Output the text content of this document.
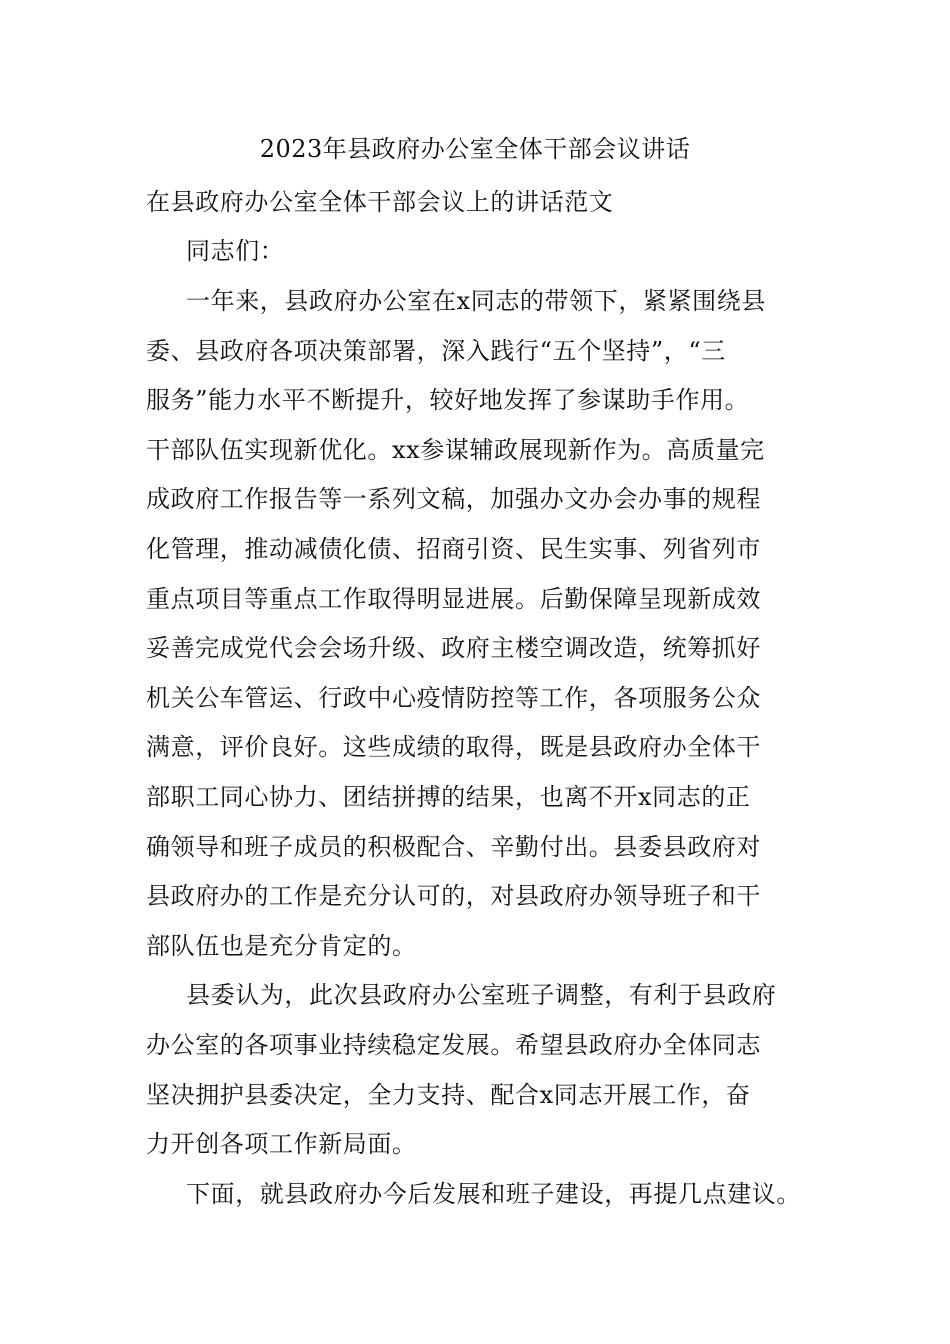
2023年县政府办公室全体干部会议讲话
在县政府办公室全体干部会议上的讲话范文
同志们：
一年来，县政府办公室在x同志的带领下，紧紧围绕县
委、县政府各项决策部署，深入践行“五个坚持”，“三
服务”能力水平不断提升，较好地发挥了参谋助手作用。
干部队伍实现新优化。xx参谋辅政展现新作为。高质量完
成政府工作报告等一系列文稿，加强办文办会办事的规程
化管理，推动减债化债、招商引资、民生实事、列省列市
重点项目等重点工作取得明显进展。后勤保障呈现新成效
妥善完成党代会会场升级、政府主楼空调改造，统筹抓好
机关公车管运、行政中心疫情防控等工作，各项服务公众
满意，评价良好。这些成绩的取得，既是县政府办全体干
部职工同心协力、团结拼搏的结果，也离不开x同志的正
确领导和班子成员的积极配合、辛勤付出。县委县政府对
县政府办的工作是充分认可的，对县政府办领导班子和干
部队伍也是充分肯定的。
县委认为，此次县政府办公室班子调整，有利于县政府
办公室的各项事业持续稳定发展。希望县政府办全体同志
坚决拥护县委决定，全力支持、配合x同志开展工作，奋
力开创各项工作新局面。
下面，就县政府办今后发展和班子建设，再提几点建议。
